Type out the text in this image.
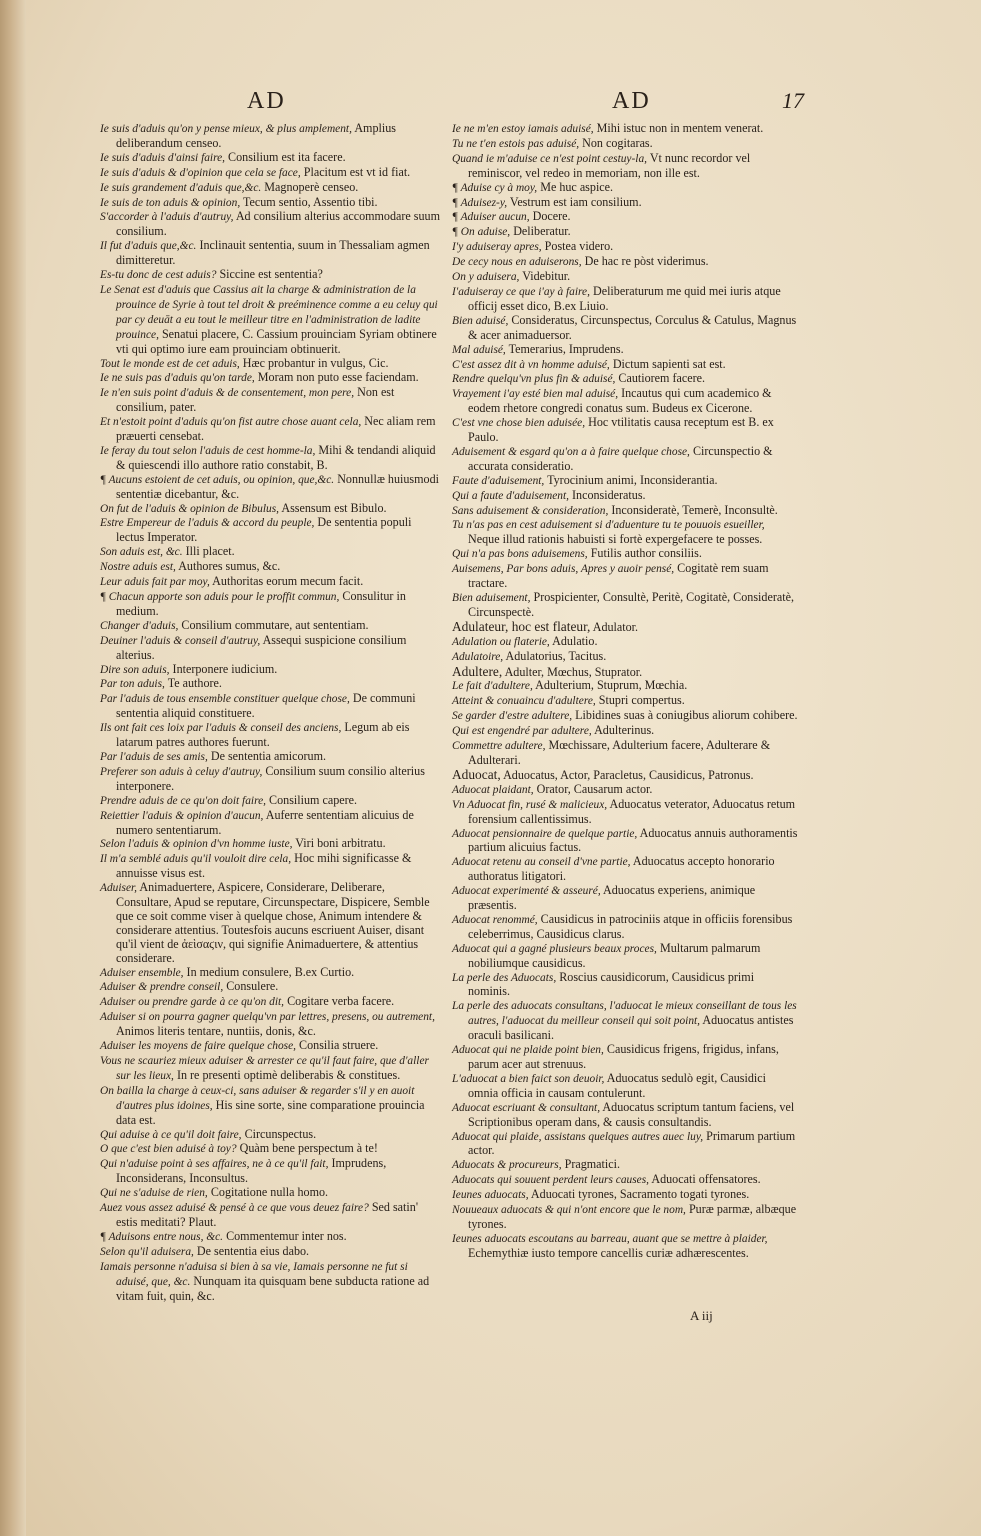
AD	AD	17

Ie suis d'aduis qu'on y pense mieux, & plus amplement, Amplius deliberandum censeo.

Ie suis d'aduis d'ainsi faire, Consilium est ita facere.

Ie suis d'aduis & d'opinion que cela se face, Placitum est vt id fiat.

Ie suis grandement d'aduis que,&c. Magnoperè censeo.

Ie suis de ton aduis & opinion, Tecum sentio, Assentio tibi.

S'accorder à l'aduis d'autruy, Ad consilium alterius accommodare suum consilium.

Il fut d'aduis que,&c. Inclinauit sententia, suum in Thessaliam agmen dimitteretur.

Es-tu donc de cest aduis? Siccine est sententia?

Le Senat est d'aduis que Cassius ait la charge & administration de la prouince de Syrie à tout tel droit & preéminence comme a eu celuy qui par cy deuāt a eu tout le meilleur titre en l'administration de ladite prouince, Senatui placere, C. Cassium prouinciam Syriam obtinere vti qui optimo iure eam prouinciam obtinuerit.

Tout le monde est de cet aduis, Hæc probantur in vulgus, Cic.

Ie ne suis pas d'aduis qu'on tarde, Moram non puto esse faciendam.

Ie n'en suis point d'aduis & de consentement, mon pere, Non est consilium, pater.

Et n'estoit point d'aduis qu'on fist autre chose auant cela, Nec aliam rem præuerti censebat.

Ie feray du tout selon l'aduis de cest homme-la, Mihi & tendandi aliquid & quiescendi illo authore ratio constabit, B.

¶ Aucuns estoient de cet aduis, ou opinion, que,&c. Nonnullæ huiusmodi sententiæ dicebantur, &c.

On fut de l'aduis & opinion de Bibulus, Assensum est Bibulo.

Estre Empereur de l'aduis & accord du peuple, De sententia populi lectus Imperator.

Son aduis est, &c. Illi placet.

Nostre aduis est, Authores sumus, &c.

Leur aduis fait par moy, Authoritas eorum mecum facit.

¶ Chacun apporte son aduis pour le proffit commun, Consulitur in medium.

Changer d'aduis, Consilium commutare, aut sententiam.

Deuiner l'aduis & conseil d'autruy, Assequi suspicione consilium alterius.

Dire son aduis, Interponere iudicium.

Par ton aduis, Te authore.

Par l'aduis de tous ensemble constituer quelque chose, De communi sententia aliquid constituere.

Ils ont fait ces loix par l'aduis & conseil des anciens, Legum ab eis latarum patres authores fuerunt.

Par l'aduis de ses amis, De sententia amicorum.

Preferer son aduis à celuy d'autruy, Consilium suum consilio alterius interponere.

Prendre aduis de ce qu'on doit faire, Consilium capere.

Reiettier l'aduis & opinion d'aucun, Auferre sententiam alicuius de numero sententiarum.

Selon l'aduis & opinion d'vn homme iuste, Viri boni arbitratu.

Il m'a semblé aduis qu'il vouloit dire cela, Hoc mihi significasse & annuisse visus est.

Aduiser, Animaduertere, Aspicere, Considerare, Deliberare, Consultare, Apud se reputare, Circunspectare, Dispicere, Semble que ce soit comme viser à quelque chose, Animum intendere & considerare attentius. Toutesfois aucuns escriuent Auiser, disant qu'il vient de ἀεὶσαϛιν, qui signifie Animaduertere, & attentius considerare.

Aduiser ensemble, In medium consulere, B.ex Curtio.

Aduiser & prendre conseil, Consulere.

Aduiser ou prendre garde à ce qu'on dit, Cogitare verba facere.

Aduiser si on pourra gagner quelqu'vn par lettres, presens, ou autrement, Animos literis tentare, nuntiis, donis, &c.

Aduiser les moyens de faire quelque chose, Consilia struere.

Vous ne scauriez mieux aduiser & arrester ce qu'il faut faire, que d'aller sur les lieux, In re presenti optimè deliberabis & constitues.

On bailla la charge à ceux-ci, sans aduiser & regarder s'il y en auoit d'autres plus idoines, His sine sorte, sine comparatione prouincia data est.

Qui aduise à ce qu'il doit faire, Circunspectus.

O que c'est bien aduisé à toy? Quàm bene perspectum à te!

Qui n'aduise point à ses affaires, ne à ce qu'il fait, Imprudens, Inconsiderans, Inconsultus.

Qui ne s'aduise de rien, Cogitatione nulla homo.

Auez vous assez aduisé & pensé à ce que vous deuez faire? Sed satin' estis meditati? Plaut.

¶ Aduisons entre nous, &c. Commentemur inter nos.

Selon qu'il aduisera, De sententia eius dabo.

Iamais personne n'aduisa si bien à sa vie, Iamais personne ne fut si aduisé, que, &c. Nunquam ita quisquam bene subducta ratione ad vitam fuit, quin, &c.

Ie ne m'en estoy iamais aduisé, Mihi istuc non in mentem venerat.

Tu ne t'en estois pas aduisé, Non cogitaras.

Quand ie m'aduise ce n'est point cestuy-la, Vt nunc recordor vel reminiscor, vel redeo in memoriam, non ille est.

¶ Aduise cy à moy, Me huc aspice.

¶ Aduisez-y, Vestrum est iam consilium.

¶ Aduiser aucun, Docere.

¶ On aduise, Deliberatur.

I'y aduiseray apres, Postea videro.

De cecy nous en aduiserons, De hac re pòst viderimus.

On y aduisera, Videbitur.

I'aduiseray ce que i'ay à faire, Deliberaturum me quid mei iuris atque officij esset dico, B.ex Liuio.

Bien aduisé, Consideratus, Circunspectus, Corculus & Catulus, Magnus & acer animaduersor.

Mal aduisé, Temerarius, Imprudens.

C'est assez dit à vn homme aduisé, Dictum sapienti sat est.

Rendre quelqu'vn plus fin & aduisé, Cautiorem facere.

Vrayement i'ay esté bien mal aduisé, Incautus qui cum academico & eodem rhetore congredi conatus sum. Budeus ex Cicerone.

C'est vne chose bien aduisée, Hoc vtilitatis causa receptum est B. ex Paulo.

Aduisement & esgard qu'on a à faire quelque chose, Circunspectio & accurata consideratio.

Faute d'aduisement, Tyrocinium animi, Inconsiderantia.

Qui a faute d'aduisement, Inconsideratus.

Sans aduisement & consideration, Inconsideratè, Temerè, Inconsultè.

Tu n'as pas en cest aduisement si d'aduenture tu te pouuois esueiller, Neque illud rationis habuisti si fortè expergefacere te posses.

Qui n'a pas bons aduisemens, Futilis author consiliis.

Auisemens, Par bons aduis, Apres y auoir pensé, Cogitatè rem suam tractare.

Bien aduisement, Prospicienter, Consultè, Peritè, Cogitatè, Consideratè, Circunspectè.

Adulateur, hoc est flateur, Adulator.

Adulation ou flaterie, Adulatio.

Adulatoire, Adulatorius, Tacitus.

Adultere, Adulter, Mœchus, Stuprator.

Le fait d'adultere, Adulterium, Stuprum, Mœchia.

Atteint & conuaincu d'adultere, Stupri compertus.

Se garder d'estre adultere, Libidines suas à coniugibus aliorum cohibere.

Qui est engendré par adultere, Adulterinus.

Commettre adultere, Mœchissare, Adulterium facere, Adulterare & Adulterari.

Aduocat, Aduocatus, Actor, Paracletus, Causidicus, Patronus.

Aduocat plaidant, Orator, Causarum actor.

Vn Aduocat fin, rusé & malicieux, Aduocatus veterator, Aduocatus retum forensium callentissimus.

Aduocat pensionnaire de quelque partie, Aduocatus annuis authoramentis partium alicuius factus.

Aduocat retenu au conseil d'vne partie, Aduocatus accepto honorario authoratus litigatori.

Aduocat experimenté & asseuré, Aduocatus experiens, animique præsentis.

Aduocat renommé, Causidicus in patrociniis atque in officiis forensibus celeberrimus, Causidicus clarus.

Aduocat qui a gagné plusieurs beaux proces, Multarum palmarum nobiliumque causidicus.

La perle des Aduocats, Roscius causidicorum, Causidicus primi nominis.

La perle des aduocats consultans, l'aduocat le mieux conseillant de tous les autres, l'aduocat du meilleur conseil qui soit point, Aduocatus antistes oraculi basilicani.

Aduocat qui ne plaide point bien, Causidicus frigens, frigidus, infans, parum acer aut strenuus.

L'aduocat a bien faict son deuoir, Aduocatus sedulò egit, Causidici omnia officia in causam contulerunt.

Aduocat escriuant & consultant, Aduocatus scriptum tantum faciens, vel Scriptionibus operam dans, & causis consultandis.

Aduocat qui plaide, assistans quelques autres auec luy, Primarum partium actor.

Aduocats & procureurs, Pragmatici.

Aduocats qui souuent perdent leurs causes, Aduocati offensatores.

Ieunes aduocats, Aduocati tyrones, Sacramento togati tyrones.

Nouueaux aduocats & qui n'ont encore que le nom, Puræ parmæ, albæque tyrones.

Ieunes aduocats escoutans au barreau, auant que se mettre à plaider, Echemythiæ iusto tempore cancellis curiæ adhærescentes.

A iij
